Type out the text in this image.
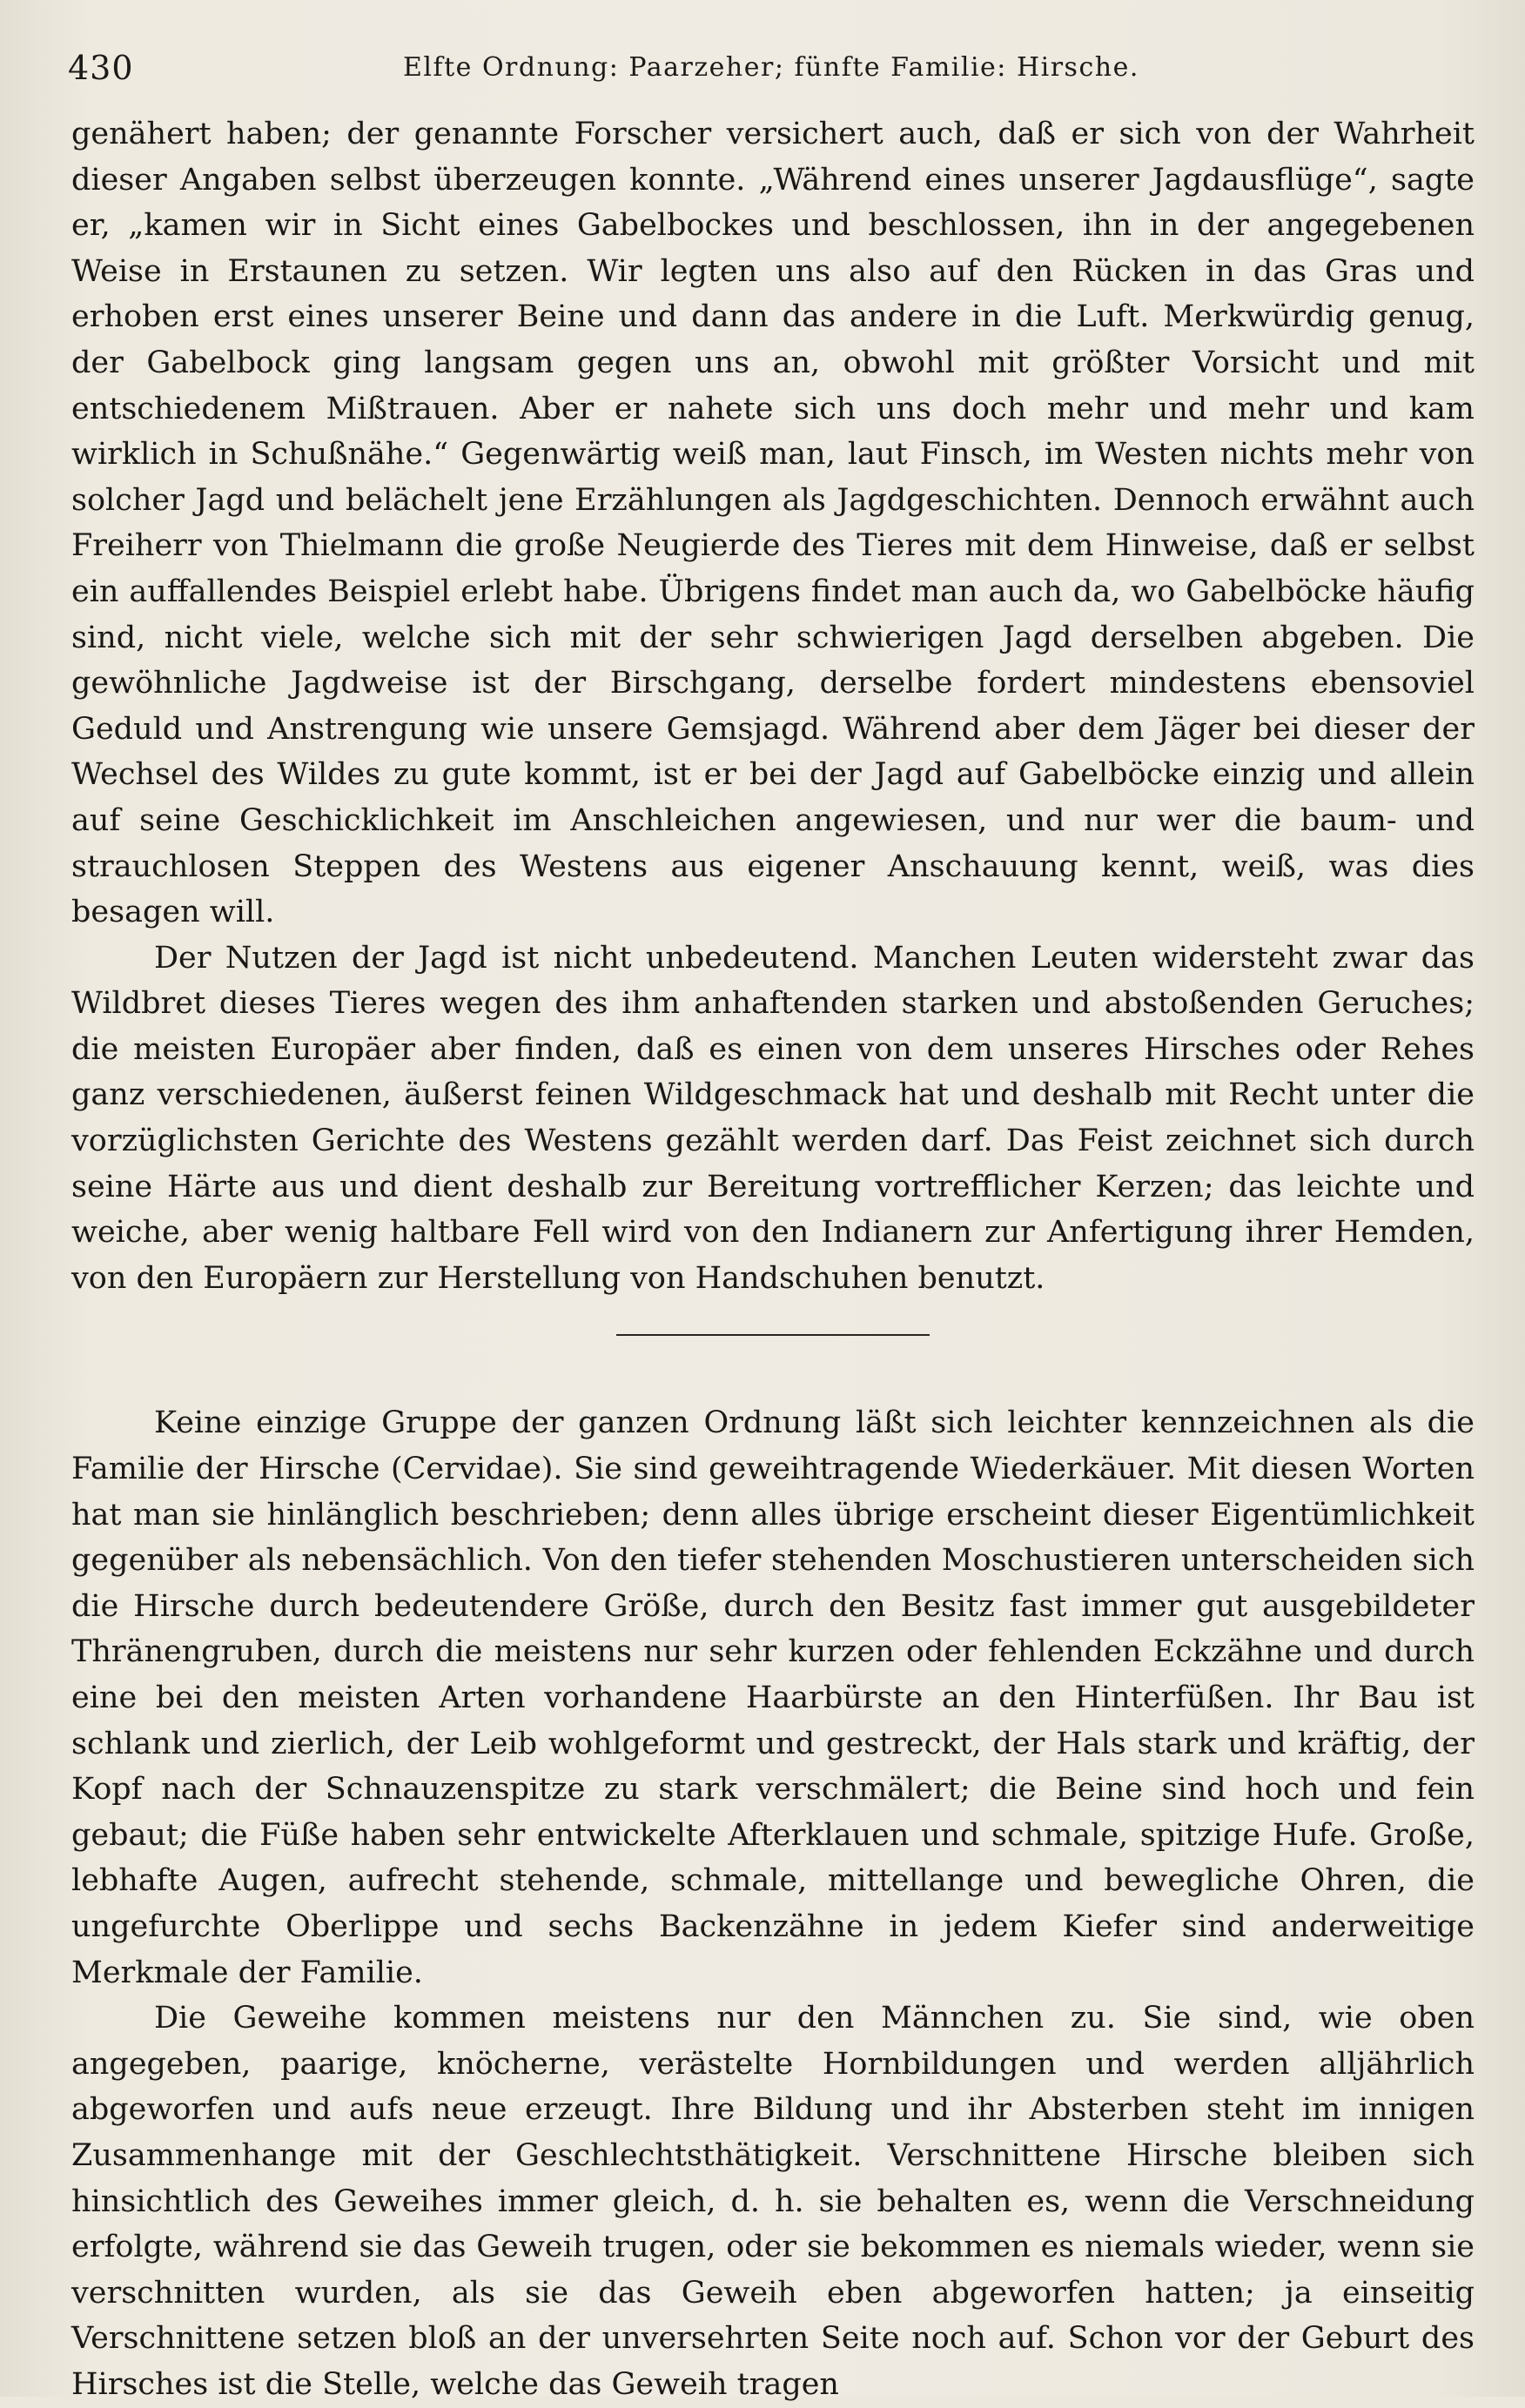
430	Elfte Ordnung: Paarzeher; fünfte Familie: Hirsche.

genähert haben; der genannte Forscher versichert auch, daß er sich von der Wahrheit dieser Angaben selbst überzeugen konnte. „Während eines unserer Jagdausflüge“, sagte er, „kamen wir in Sicht eines Gabelbockes und beschlossen, ihn in der angegebenen Weise in Erstaunen zu setzen. Wir legten uns also auf den Rücken in das Gras und erhoben erst eines unserer Beine und dann das andere in die Luft. Merkwürdig genug, der Gabelbock ging langsam gegen uns an, obwohl mit größter Vorsicht und mit entschiedenem Mißtrauen. Aber er nahete sich uns doch mehr und mehr und kam wirklich in Schußnähe.“ Gegenwärtig weiß man, laut Finsch, im Westen nichts mehr von solcher Jagd und belächelt jene Erzählungen als Jagdgeschichten. Dennoch erwähnt auch Freiherr von Thielmann die große Neugierde des Tieres mit dem Hinweise, daß er selbst ein auffallendes Beispiel erlebt habe. Übrigens findet man auch da, wo Gabelböcke häufig sind, nicht viele, welche sich mit der sehr schwierigen Jagd derselben abgeben. Die gewöhnliche Jagdweise ist der Birschgang, derselbe fordert mindestens ebensoviel Geduld und Anstrengung wie unsere Gemsjagd. Während aber dem Jäger bei dieser der Wechsel des Wildes zu gute kommt, ist er bei der Jagd auf Gabelböcke einzig und allein auf seine Geschicklichkeit im Anschleichen angewiesen, und nur wer die baum- und strauchlosen Steppen des Westens aus eigener Anschauung kennt, weiß, was dies besagen will.

Der Nutzen der Jagd ist nicht unbedeutend. Manchen Leuten widersteht zwar das Wildbret dieses Tieres wegen des ihm anhaftenden starken und abstoßenden Geruches; die meisten Europäer aber finden, daß es einen von dem unseres Hirsches oder Rehes ganz verschiedenen, äußerst feinen Wildgeschmack hat und deshalb mit Recht unter die vorzüglichsten Gerichte des Westens gezählt werden darf. Das Feist zeichnet sich durch seine Härte aus und dient deshalb zur Bereitung vortrefflicher Kerzen; das leichte und weiche, aber wenig haltbare Fell wird von den Indianern zur Anfertigung ihrer Hemden, von den Europäern zur Herstellung von Handschuhen benutzt.

Keine einzige Gruppe der ganzen Ordnung läßt sich leichter kennzeichnen als die Familie der Hirsche (Cervidae). Sie sind geweihtragende Wiederkäuer. Mit diesen Worten hat man sie hinlänglich beschrieben; denn alles übrige erscheint dieser Eigentümlichkeit gegenüber als nebensächlich. Von den tiefer stehenden Moschustieren unterscheiden sich die Hirsche durch bedeutendere Größe, durch den Besitz fast immer gut ausgebildeter Thränengruben, durch die meistens nur sehr kurzen oder fehlenden Eckzähne und durch eine bei den meisten Arten vorhandene Haarbürste an den Hinterfüßen. Ihr Bau ist schlank und zierlich, der Leib wohlgeformt und gestreckt, der Hals stark und kräftig, der Kopf nach der Schnauzenspitze zu stark verschmälert; die Beine sind hoch und fein gebaut; die Füße haben sehr entwickelte Afterklauen und schmale, spitzige Hufe. Große, lebhafte Augen, aufrecht stehende, schmale, mittellange und bewegliche Ohren, die ungefurchte Oberlippe und sechs Backenzähne in jedem Kiefer sind anderweitige Merkmale der Familie.

Die Geweihe kommen meistens nur den Männchen zu. Sie sind, wie oben angegeben, paarige, knöcherne, verästelte Hornbildungen und werden alljährlich abgeworfen und aufs neue erzeugt. Ihre Bildung und ihr Absterben steht im innigen Zusammenhange mit der Geschlechtsthätigkeit. Verschnittene Hirsche bleiben sich hinsichtlich des Geweihes immer gleich, d. h. sie behalten es, wenn die Verschneidung erfolgte, während sie das Geweih trugen, oder sie bekommen es niemals wieder, wenn sie verschnitten wurden, als sie das Geweih eben abgeworfen hatten; ja einseitig Verschnittene setzen bloß an der unversehrten Seite noch auf. Schon vor der Geburt des Hirsches ist die Stelle, welche das Geweih tragen
